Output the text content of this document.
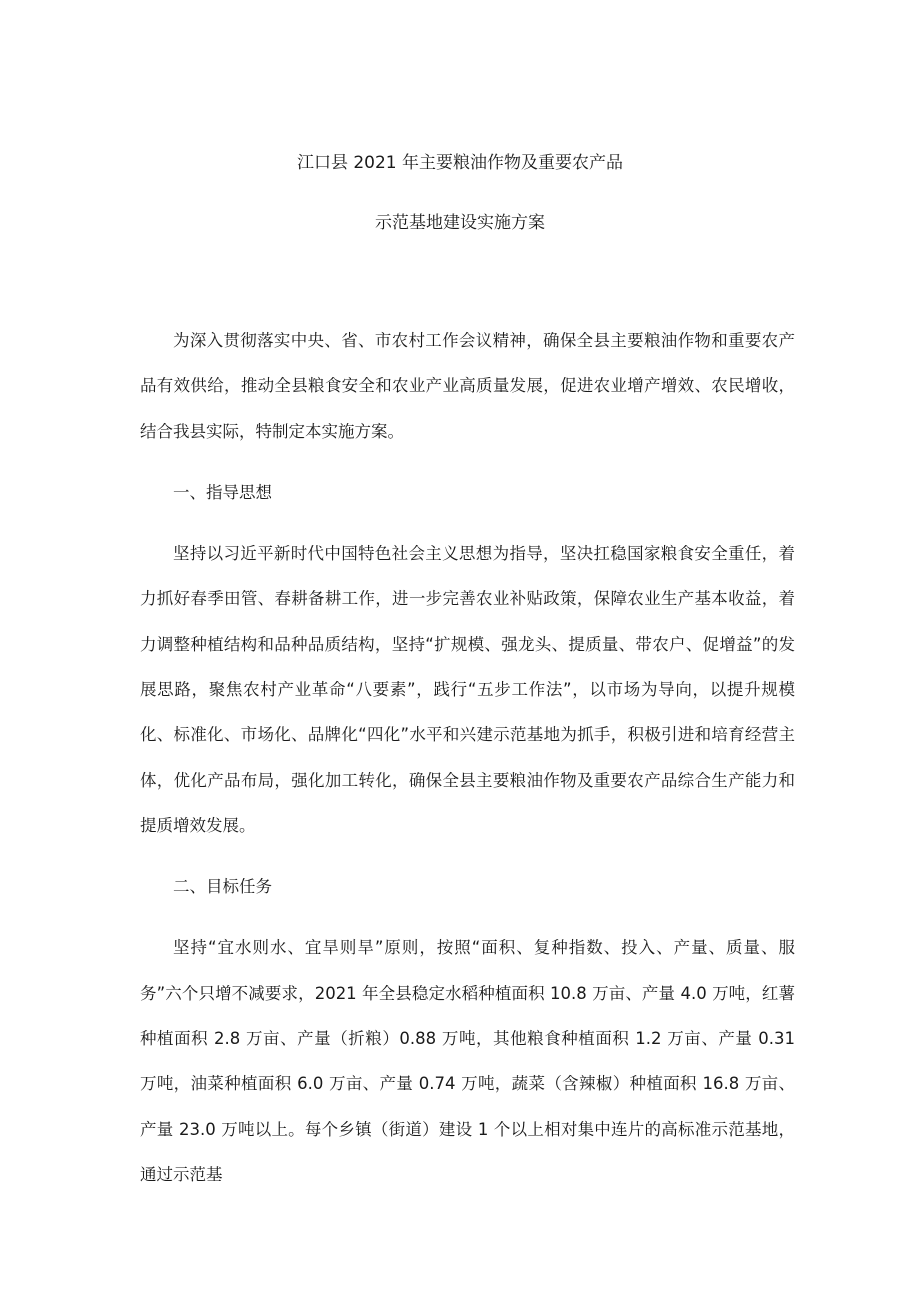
江口县 2021 年主要粮油作物及重要农产品
示范基地建设实施方案

为深入贯彻落实中央、省、市农村工作会议精神，确保全县主要粮油作物和重要农产品有效供给，推动全县粮食安全和农业产业高质量发展，促进农业增产增效、农民增收，结合我县实际，特制定本实施方案。

一、指导思想

坚持以习近平新时代中国特色社会主义思想为指导，坚决扛稳国家粮食安全重任，着力抓好春季田管、春耕备耕工作，进一步完善农业补贴政策，保障农业生产基本收益，着力调整种植结构和品种品质结构，坚持“扩规模、强龙头、提质量、带农户、促增益”的发展思路，聚焦农村产业革命“八要素”，践行“五步工作法”，以市场为导向，以提升规模化、标准化、市场化、品牌化“四化”水平和兴建示范基地为抓手，积极引进和培育经营主体，优化产品布局，强化加工转化，确保全县主要粮油作物及重要农产品综合生产能力和提质增效发展。

二、目标任务

坚持“宜水则水、宜旱则旱”原则，按照“面积、复种指数、投入、产量、质量、服务”六个只增不减要求，2021 年全县稳定水稻种植面积 10.8 万亩、产量 4.0 万吨，红薯种植面积 2.8 万亩、产量（折粮）0.88 万吨，其他粮食种植面积 1.2 万亩、产量 0.31 万吨，油菜种植面积 6.0 万亩、产量 0.74 万吨，蔬菜（含辣椒）种植面积 16.8 万亩、产量 23.0 万吨以上。每个乡镇（街道）建设 1 个以上相对集中连片的高标准示范基地，通过示范基
